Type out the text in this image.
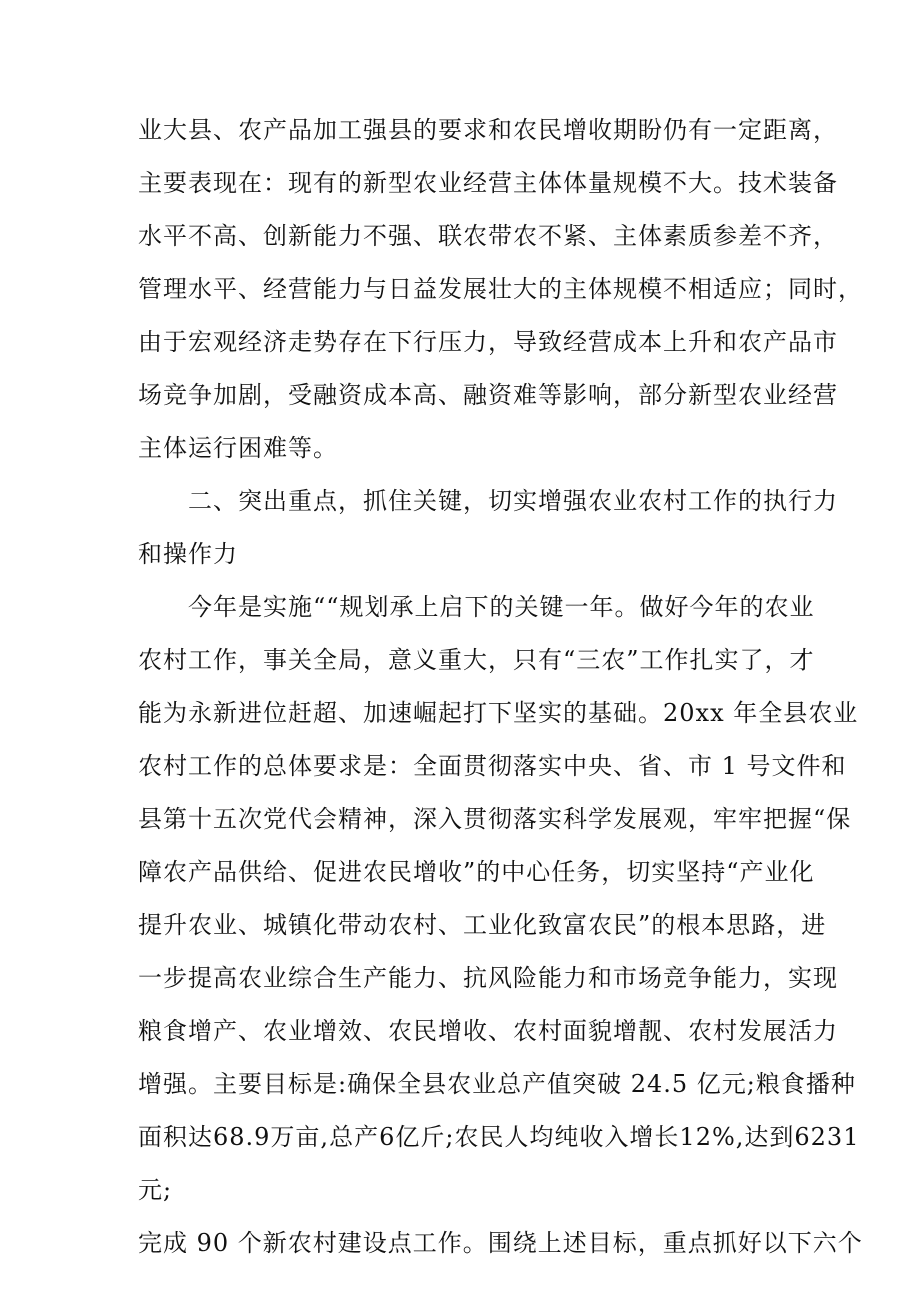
业大县、农产品加工强县的要求和农民增收期盼仍有一定距离，
主要表现在：现有的新型农业经营主体体量规模不大。技术装备
水平不高、创新能力不强、联农带农不紧、主体素质参差不齐，
管理水平、经营能力与日益发展壮大的主体规模不相适应；同时，
由于宏观经济走势存在下行压力，导致经营成本上升和农产品市
场竞争加剧，受融资成本高、融资难等影响，部分新型农业经营
主体运行困难等。
二、突出重点，抓住关键，切实增强农业农村工作的执行力
和操作力
今年是实施““规划承上启下的关键一年。做好今年的农业
农村工作，事关全局，意义重大，只有“三农”工作扎实了，才
能为永新进位赶超、加速崛起打下坚实的基础。20xx 年全县农业
农村工作的总体要求是：全面贯彻落实中央、省、市 1 号文件和
县第十五次党代会精神，深入贯彻落实科学发展观，牢牢把握“保
障农产品供给、促进农民增收”的中心任务，切实坚持“产业化
提升农业、城镇化带动农村、工业化致富农民”的根本思路，进
一步提高农业综合生产能力、抗风险能力和市场竞争能力，实现
粮食增产、农业增效、农民增收、农村面貌增靓、农村发展活力
增强。主要目标是:确保全县农业总产值突破 24.5 亿元;粮食播种
面积达68.9万亩,总产6亿斤;农民人均纯收入增长12%,达到6231
元;
完成 90 个新农村建设点工作。围绕上述目标，重点抓好以下六个
